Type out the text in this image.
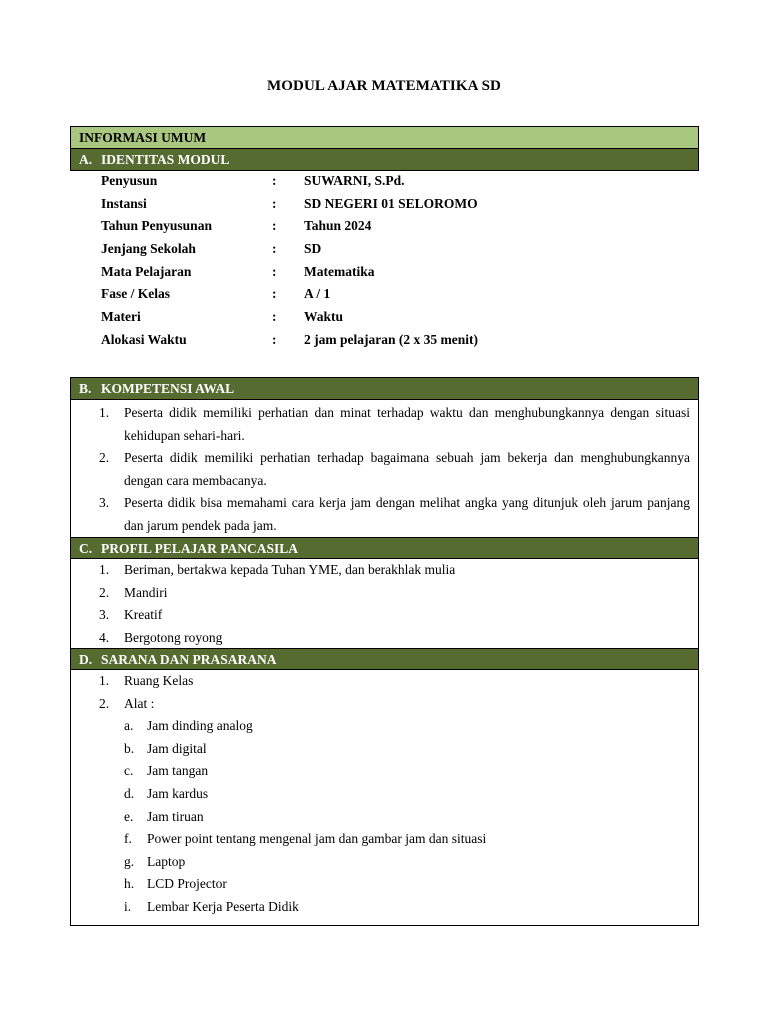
MODUL AJAR MATEMATIKA SD
INFORMASI UMUM
A. IDENTITAS MODUL
Penyusun	: SUWARNI, S.Pd.
Instansi	: SD NEGERI 01 SELOROMO
Tahun Penyusunan	: Tahun 2024
Jenjang Sekolah	: SD
Mata Pelajaran	: Matematika
Fase / Kelas	: A / 1
Materi	: Waktu
Alokasi Waktu	: 2 jam pelajaran (2 x 35 menit)
B. KOMPETENSI AWAL
1. Peserta didik memiliki perhatian dan minat terhadap waktu dan menghubungkannya dengan situasi kehidupan sehari-hari.
2. Peserta didik memiliki perhatian terhadap bagaimana sebuah jam bekerja dan menghubungkannya dengan cara membacanya.
3. Peserta didik bisa memahami cara kerja jam dengan melihat angka yang ditunjuk oleh jarum panjang dan jarum pendek pada jam.
C. PROFIL PELAJAR PANCASILA
1. Beriman, bertakwa kepada Tuhan YME, dan berakhlak mulia
2. Mandiri
3. Kreatif
4. Bergotong royong
D. SARANA DAN PRASARANA
1. Ruang Kelas
2. Alat :
a. Jam dinding analog
b. Jam digital
c. Jam tangan
d. Jam kardus
e. Jam tiruan
f. Power point tentang mengenal jam dan gambar jam dan situasi
g. Laptop
h. LCD Projector
i. Lembar Kerja Peserta Didik
